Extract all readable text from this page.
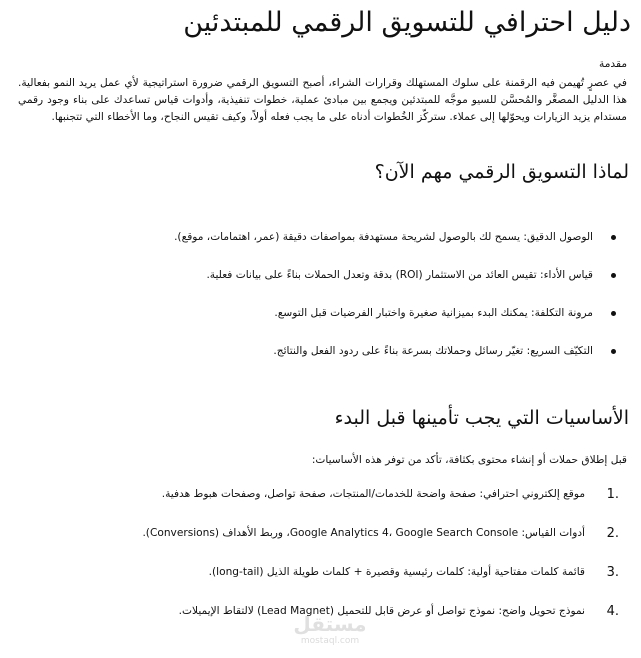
دليل احترافي للتسويق الرقمي للمبتدئين

مقدمة

في عصرٍ تُهيمن فيه الرقمنة على سلوك المستهلك وقرارات الشراء، أصبح التسويق الرقمي ضرورة استراتيجية لأي عمل يريد النمو بفعالية. هذا الدليل المصغَّر والمُحسَّن للسيو موجَّه للمبتدئين ويجمع بين مبادئ عملية، خطوات تنفيذية، وأدوات قياس تساعدك على بناء وجود رقمي مستدام يزيد الزيارات ويحوّلها إلى عملاء. ستركّز الخُطوات أدناه على ما يجب فعله أولاً، وكيف تقيس النجاح، وما الأخطاء التي تتجنبها.

لماذا التسويق الرقمي مهم الآن؟
الوصول الدقيق: يسمح لك بالوصول لشريحة مستهدفة بمواصفات دقيقة (عمر، اهتمامات، موقع).
قياس الأداء: تقيس العائد من الاستثمار (ROI) بدقة وتعدل الحملات بناءً على بيانات فعلية.
مرونة التكلفة: يمكنك البدء بميزانية صغيرة واختبار الفرضيات قبل التوسع.
التكيّف السريع: تغيّر رسائل وحملاتك بسرعة بناءً على ردود الفعل والنتائج.
الأساسيات التي يجب تأمينها قبل البدء

قبل إطلاق حملات أو إنشاء محتوى بكثافة، تأكد من توفر هذه الأساسيات:

1.
موقع إلكتروني احترافي: صفحة واضحة للخدمات/المنتجات، صفحة تواصل، وصفحات هبوط هدفية.
2.
أدوات القياس: Google Analytics 4، Google Search Console، وربط الأهداف (Conversions).
3.
قائمة كلمات مفتاحية أولية: كلمات رئيسية وقصيرة + كلمات طويلة الذيل (long-tail).
4.
نموذج تحويل واضح: نموذج تواصل أو عرض قابل للتحميل (Lead Magnet) لالتقاط الإيميلات.
مستقل
mostaql.com
